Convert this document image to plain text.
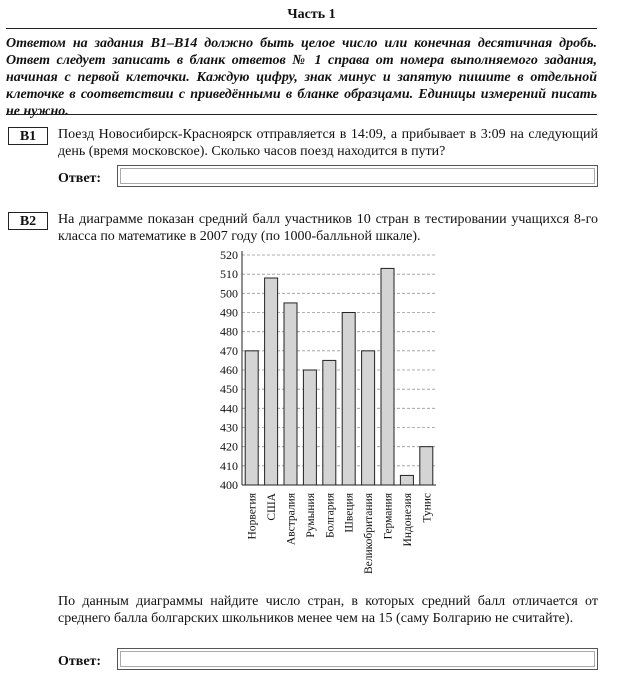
Часть 1
Ответом на задания B1–B14 должно быть целое число или конечная десятичная дробь. Ответ следует записать в бланк ответов № 1 справа от номера выполняемого задания, начиная с первой клеточки. Каждую цифру, знак минус и запятую пишите в отдельной клеточке в соответствии с приведёнными в бланке образцами. Единицы измерений писать не нужно.
B1	Поезд Новосибирск-Красноярск отправляется в 14:09, а прибывает в 3:09 на следующий день (время московское). Сколько часов поезд находится в пути?
Ответ:
B2	На диаграмме показан средний балл участников 10 стран в тестировании учащихся 8-го класса по математике в 2007 году (по 1000-балльной шкале).
400
410
420
430
440
450
460
470
480
490
500
510
520
Норвегия США Австралия Румыния Болгария Швеция Великобритания Германия Индонезия Тунис
По данным диаграммы найдите число стран, в которых средний балл отличается от среднего балла болгарских школьников менее чем на 15 (саму Болгарию не считайте).
Ответ:
